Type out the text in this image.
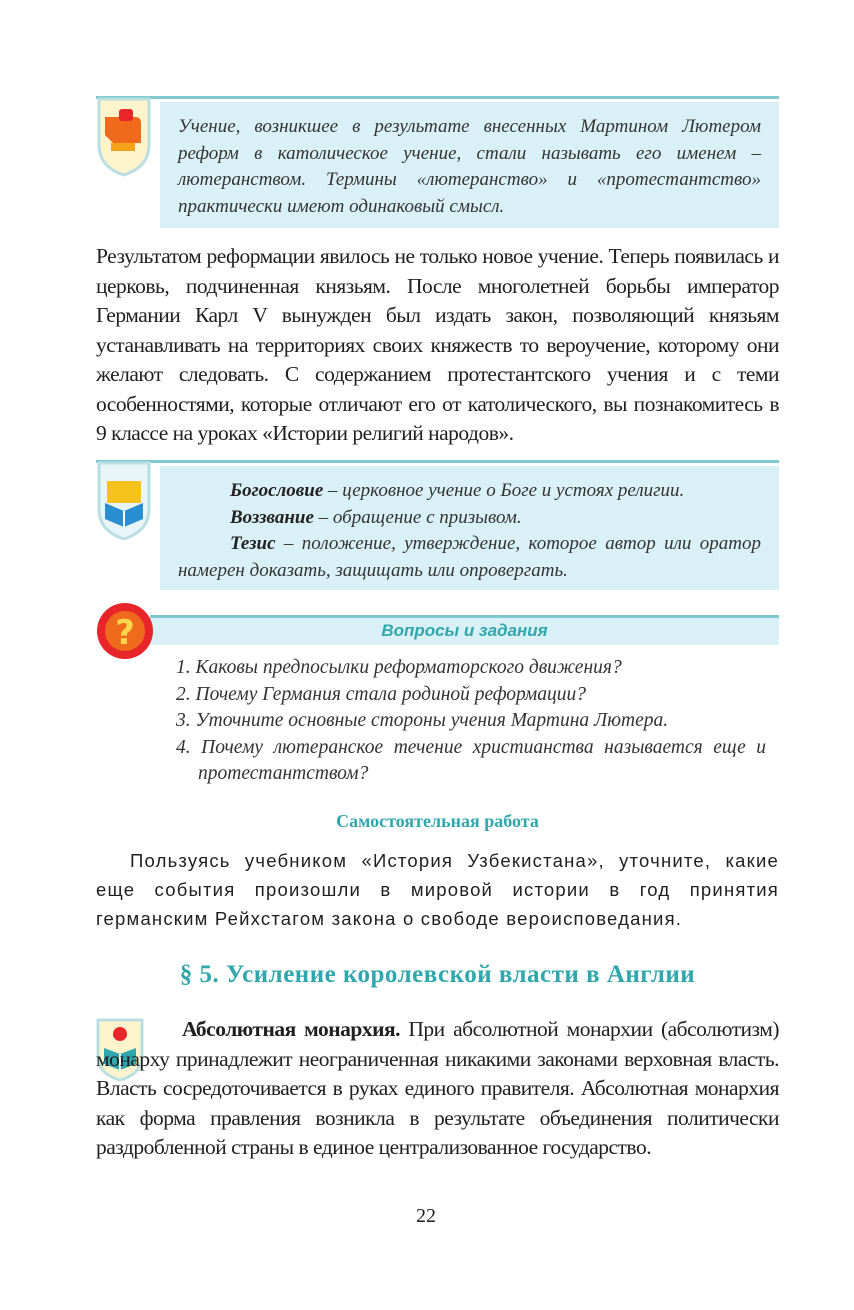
Учение, возникшее в результате внесенных Мартином Лютером реформ в католическое учение, стали называть его именем – лютеранством. Термины «лютеранство» и «протестантство» практически имеют одинаковый смысл.
Результатом реформации явилось не только новое учение. Теперь появилась и церковь, подчиненная князьям. После многолетней борьбы император Германии Карл V вынужден был издать закон, позволяющий князьям устанавливать на территориях своих княжеств то вероучение, которому они желают следовать. С содержанием протестантского учения и с теми особенностями, которые отличают его от католического, вы познакомитесь в 9 классе на уроках «Истории религий народов».
Богословие – церковное учение о Боге и устоях религии.
Воззвание – обращение с призывом.
Тезис – положение, утверждение, которое автор или оратор намерен доказать, защищать или опровергать.
Вопросы и задания
?
1. Каковы предпосылки реформаторского движения?
2. Почему Германия стала родиной реформации?
3. Уточните основные стороны учения Мартина Лютера.
4. Почему лютеранское течение христианства называется еще и протестантством?
Самостоятельная работа
Пользуясь учебником «История Узбекистана», уточните, какие еще события произошли в мировой истории в год принятия германским Рейхстагом закона о свободе вероисповедания.
§ 5. Усиление королевской власти в Англии
Абсолютная монархия. При абсолютной монархии (абсолютизм) монарху принадлежит неограниченная никакими законами верховная власть. Власть сосредоточивается в руках единого правителя. Абсолютная монархия как форма правления возникла в результате объединения политически раздробленной страны в единое централизованное государство.
22
